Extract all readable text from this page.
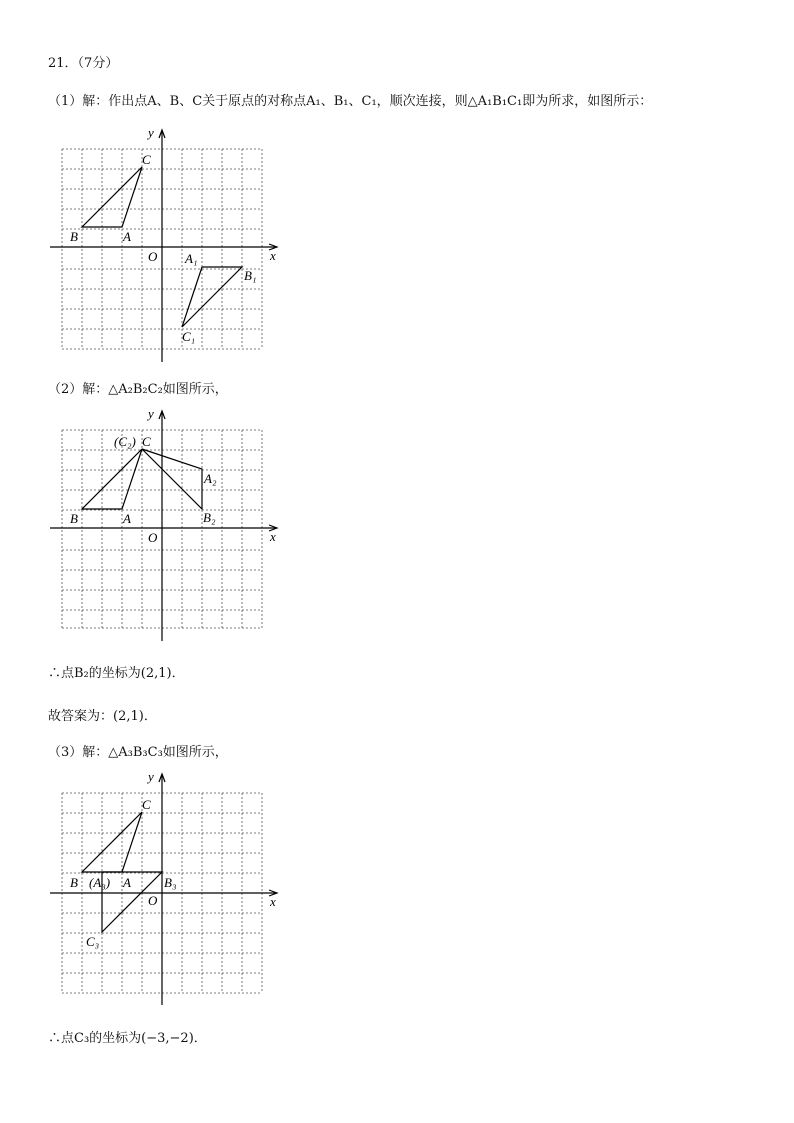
21．（7分）
（1）解：作出点A、B、C关于原点的对称点A₁、B₁、C₁，顺次连接，则△A₁B₁C₁即为所求，如图所示：
x
y
O
C
B	A
A₁
B₁
C₁
（2）解：△A₂B₂C₂如图所示，
x
y
O
(C₂) C
A₂
B	A	B₂
∴点B₂的坐标为(2,1)．
故答案为：(2,1)．
（3）解：△A₃B₃C₃如图所示，
x
y
O
C
B (A₃) A	B₃
C₃
∴点C₃的坐标为(−3,−2)．
